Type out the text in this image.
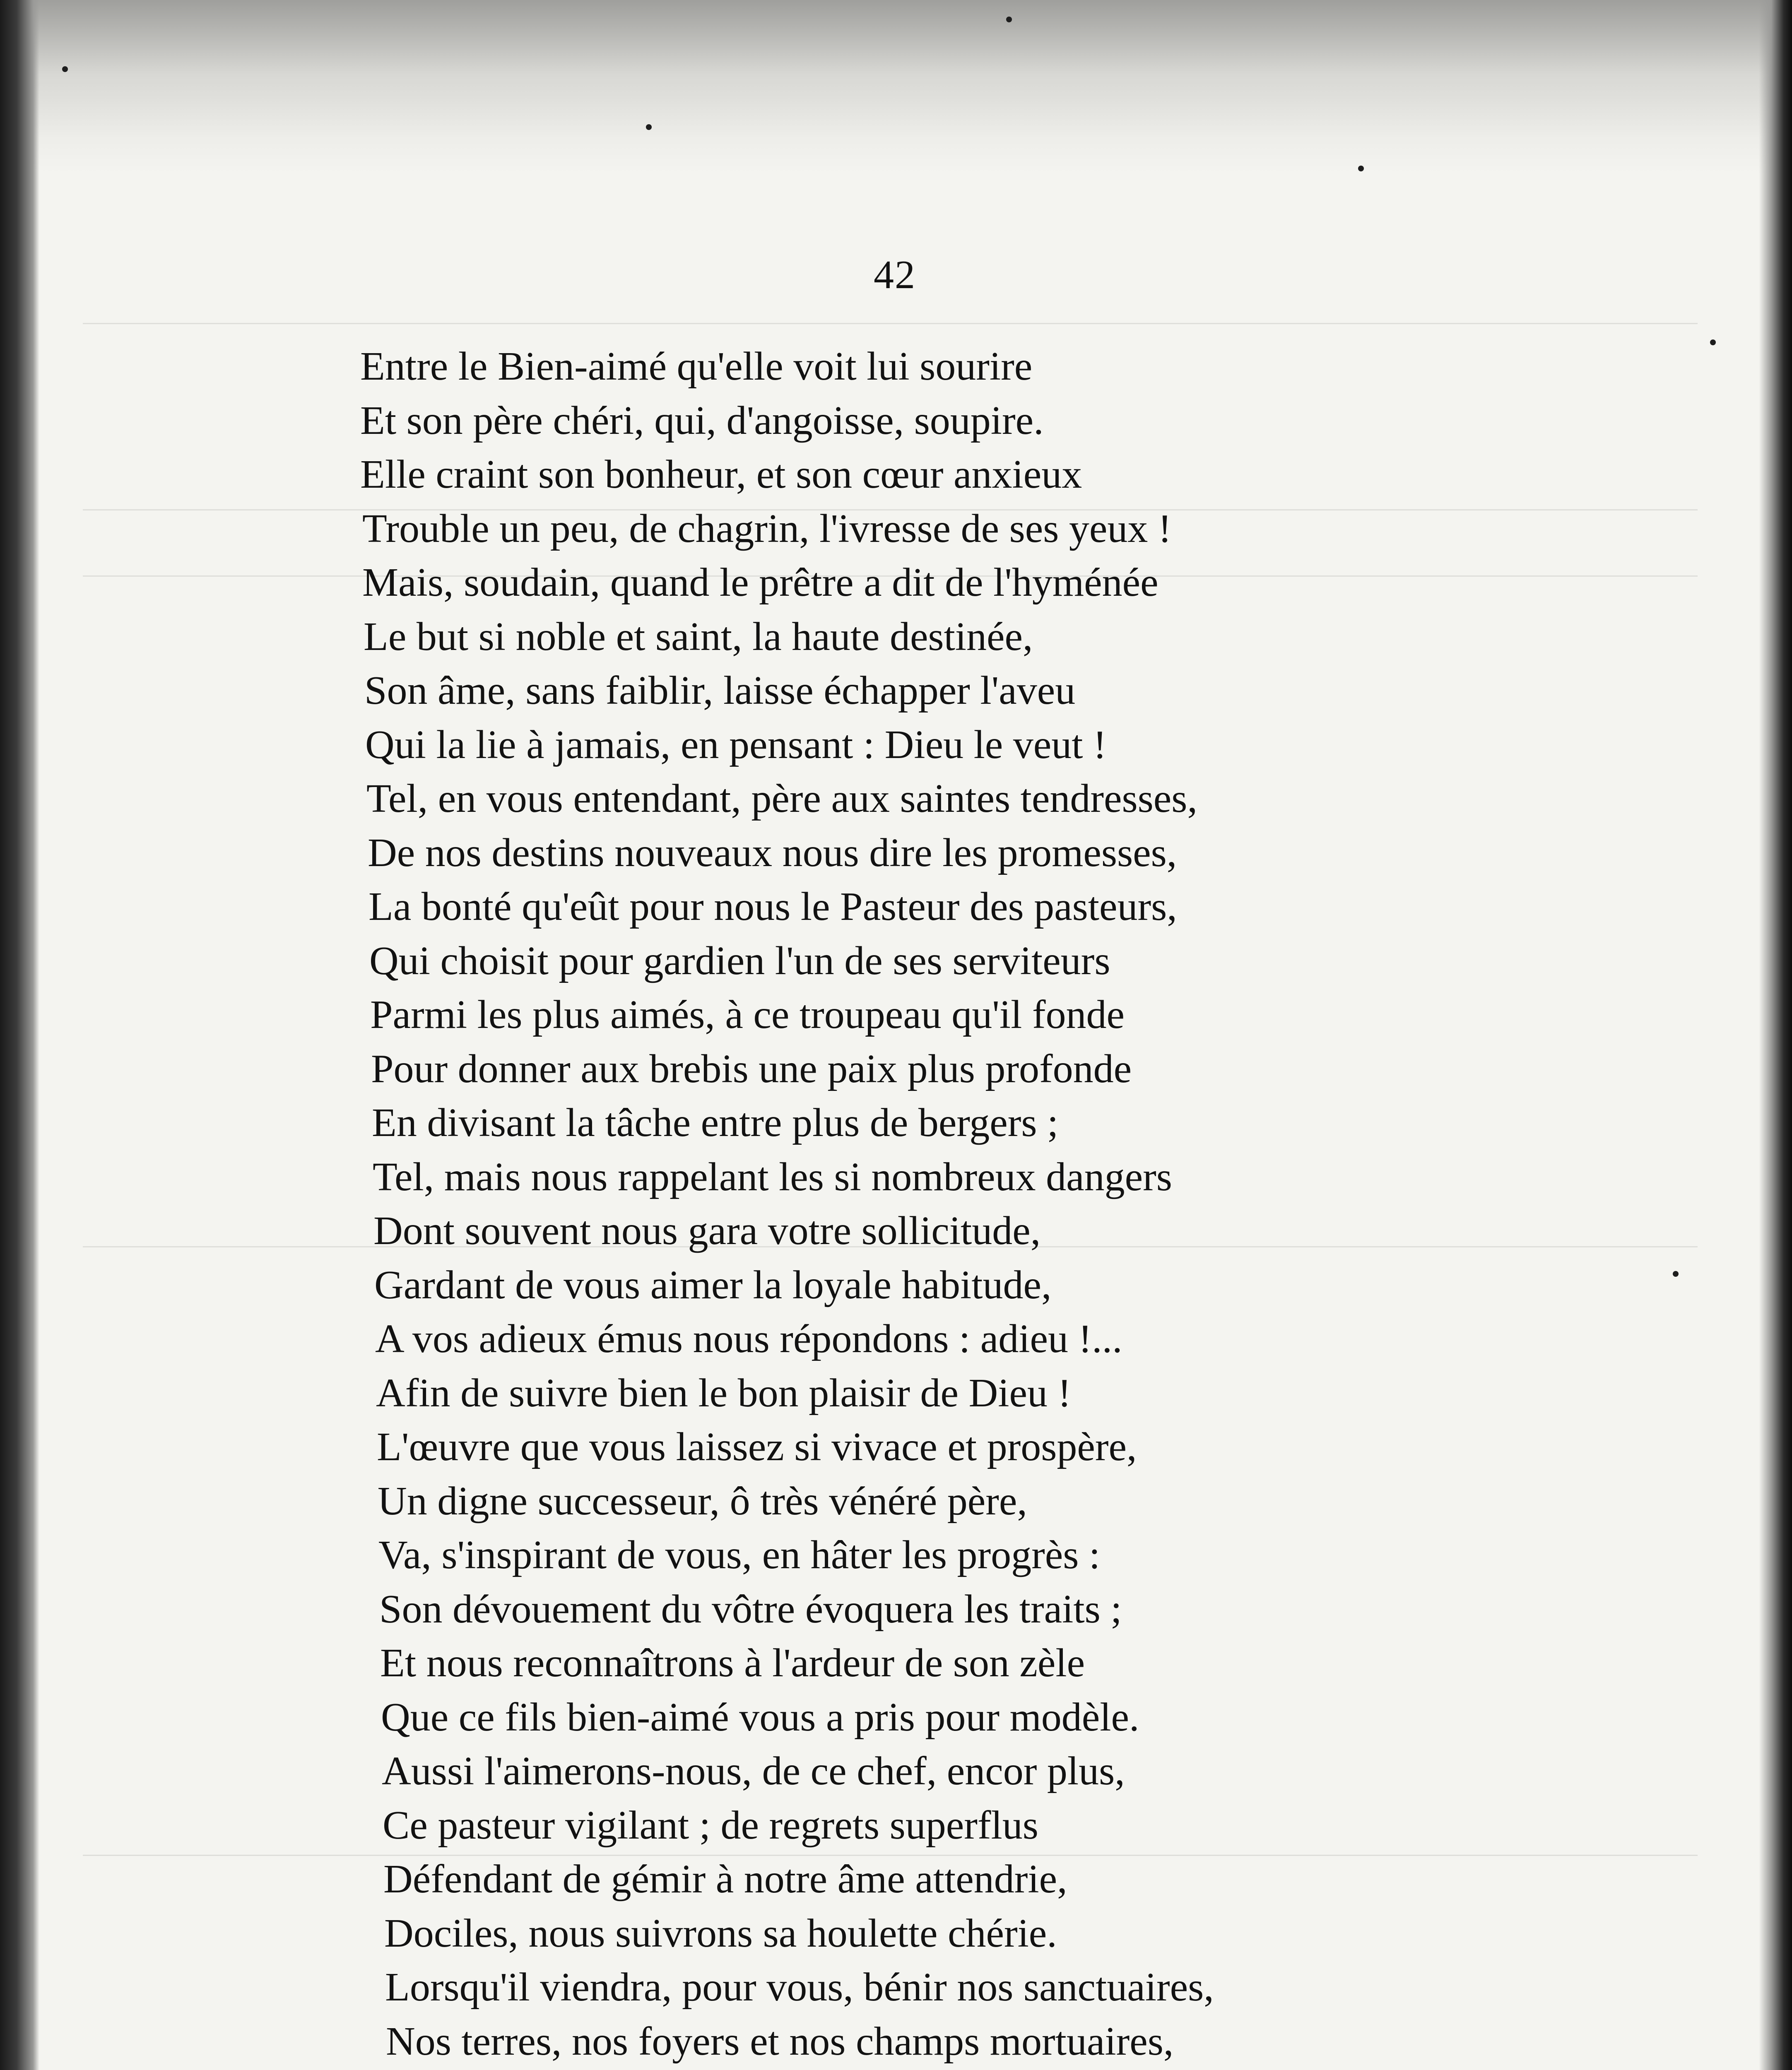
42
Entre le Bien-aimé qu'elle voit lui sourire
Et son père chéri, qui, d'angoisse, soupire.
Elle craint son bonheur, et son cœur anxieux
Trouble un peu, de chagrin, l'ivresse de ses yeux !
Mais, soudain, quand le prêtre a dit de l'hyménée
Le but si noble et saint, la haute destinée,
Son âme, sans faiblir, laisse échapper l'aveu
Qui la lie à jamais, en pensant : Dieu le veut !
Tel, en vous entendant, père aux saintes tendresses,
De nos destins nouveaux nous dire les promesses,
La bonté qu'eût pour nous le Pasteur des pasteurs,
Qui choisit pour gardien l'un de ses serviteurs
Parmi les plus aimés, à ce troupeau qu'il fonde
Pour donner aux brebis une paix plus profonde
En divisant la tâche entre plus de bergers ;
Tel, mais nous rappelant les si nombreux dangers
Dont souvent nous gara votre sollicitude,
Gardant de vous aimer la loyale habitude,
A vos adieux émus nous répondons : adieu !...
Afin de suivre bien le bon plaisir de Dieu !
L'œuvre que vous laissez si vivace et prospère,
Un digne successeur, ô très vénéré père,
Va, s'inspirant de vous, en hâter les progrès :
Son dévouement du vôtre évoquera les traits ;
Et nous reconnaîtrons à l'ardeur de son zèle
Que ce fils bien-aimé vous a pris pour modèle.
Aussi l'aimerons-nous, de ce chef, encor plus,
Ce pasteur vigilant ; de regrets superflus
Défendant de gémir à notre âme attendrie,
Dociles, nous suivrons sa houlette chérie.
Lorsqu'il viendra, pour vous, bénir nos sanctuaires,
Nos terres, nos foyers et nos champs mortuaires,
